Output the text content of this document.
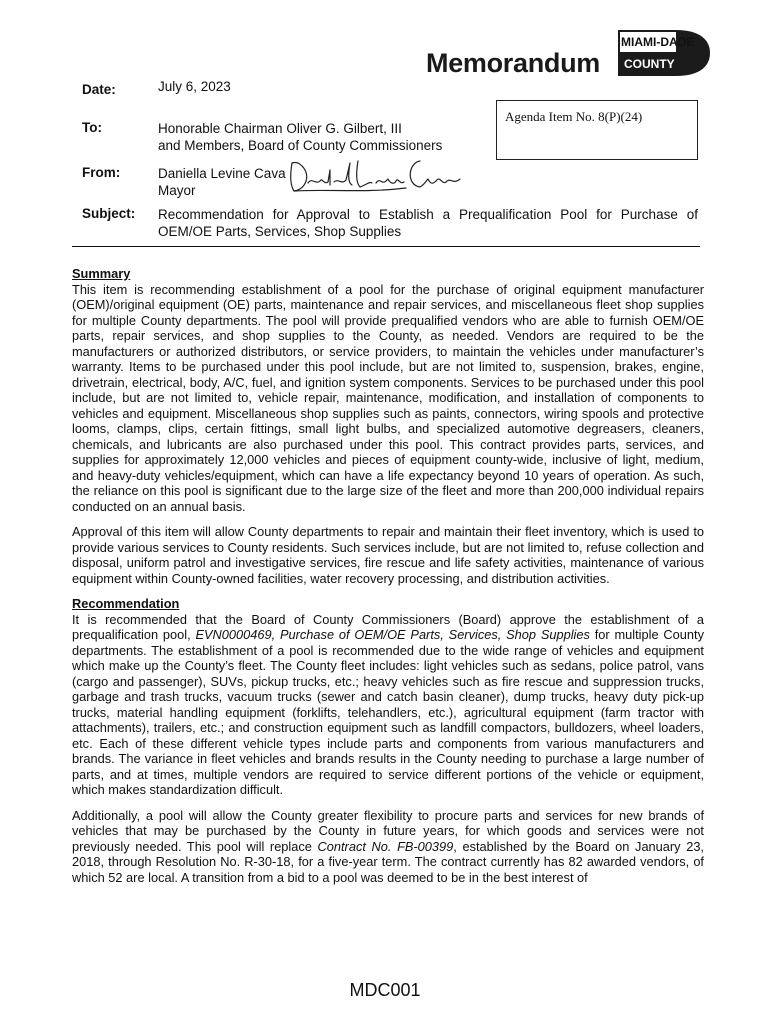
Memorandum
MIAMI-DADE
COUNTY
Date:	July 6, 2023
To:	Honorable Chairman Oliver G. Gilbert, III
and Members, Board of County Commissioners
From:	Daniella Levine Cava
Mayor
Subject: Recommendation for Approval to Establish a Prequalification Pool for Purchase of
OEM/OE Parts, Services, Shop Supplies
Agenda Item No. 8(P)(24)
Summary

This item is recommending establishment of a pool for the purchase of original equipment manufacturer (OEM)/original equipment (OE) parts, maintenance and repair services, and miscellaneous fleet shop supplies for multiple County departments. The pool will provide prequalified vendors who are able to furnish OEM/OE parts, repair services, and shop supplies to the County, as needed. Vendors are required to be the manufacturers or authorized distributors, or service providers, to maintain the vehicles under manufacturer’s warranty. Items to be purchased under this pool include, but are not limited to, suspension, brakes, engine, drivetrain, electrical, body, A/C, fuel, and ignition system components. Services to be purchased under this pool include, but are not limited to, vehicle repair, maintenance, modification, and installation of components to vehicles and equipment. Miscellaneous shop supplies such as paints, connectors, wiring spools and protective looms, clamps, clips, certain fittings, small light bulbs, and specialized automotive degreasers, cleaners, chemicals, and lubricants are also purchased under this pool. This contract provides parts, services, and supplies for approximately 12,000 vehicles and pieces of equipment county-wide, inclusive of light, medium, and heavy-duty vehicles/equipment, which can have a life expectancy beyond 10 years of operation. As such, the reliance on this pool is significant due to the large size of the fleet and more than 200,000 individual repairs conducted on an annual basis.

Approval of this item will allow County departments to repair and maintain their fleet inventory, which is used to provide various services to County residents. Such services include, but are not limited to, refuse collection and disposal, uniform patrol and investigative services, fire rescue and life safety activities, maintenance of various equipment within County-owned facilities, water recovery processing, and distribution activities.

Recommendation

It is recommended that the Board of County Commissioners (Board) approve the establishment of a prequalification pool, EVN0000469, Purchase of OEM/OE Parts, Services, Shop Supplies for multiple County departments. The establishment of a pool is recommended due to the wide range of vehicles and equipment which make up the County’s fleet. The County fleet includes: light vehicles such as sedans, police patrol, vans (cargo and passenger), SUVs, pickup trucks, etc.; heavy vehicles such as fire rescue and suppression trucks, garbage and trash trucks, vacuum trucks (sewer and catch basin cleaner), dump trucks, heavy duty pick-up trucks, material handling equipment (forklifts, telehandlers, etc.), agricultural equipment (farm tractor with attachments), trailers, etc.; and construction equipment such as landfill compactors, bulldozers, wheel loaders, etc. Each of these different vehicle types include parts and components from various manufacturers and brands. The variance in fleet vehicles and brands results in the County needing to purchase a large number of parts, and at times, multiple vendors are required to service different portions of the vehicle or equipment, which makes standardization difficult.

Additionally, a pool will allow the County greater flexibility to procure parts and services for new brands of vehicles that may be purchased by the County in future years, for which goods and services were not previously needed. This pool will replace Contract No. FB-00399, established by the Board on January 23, 2018, through Resolution No. R-30-18, for a five-year term. The contract currently has 82 awarded vendors, of which 52 are local. A transition from a bid to a pool was deemed to be in the best interest of

MDC001
